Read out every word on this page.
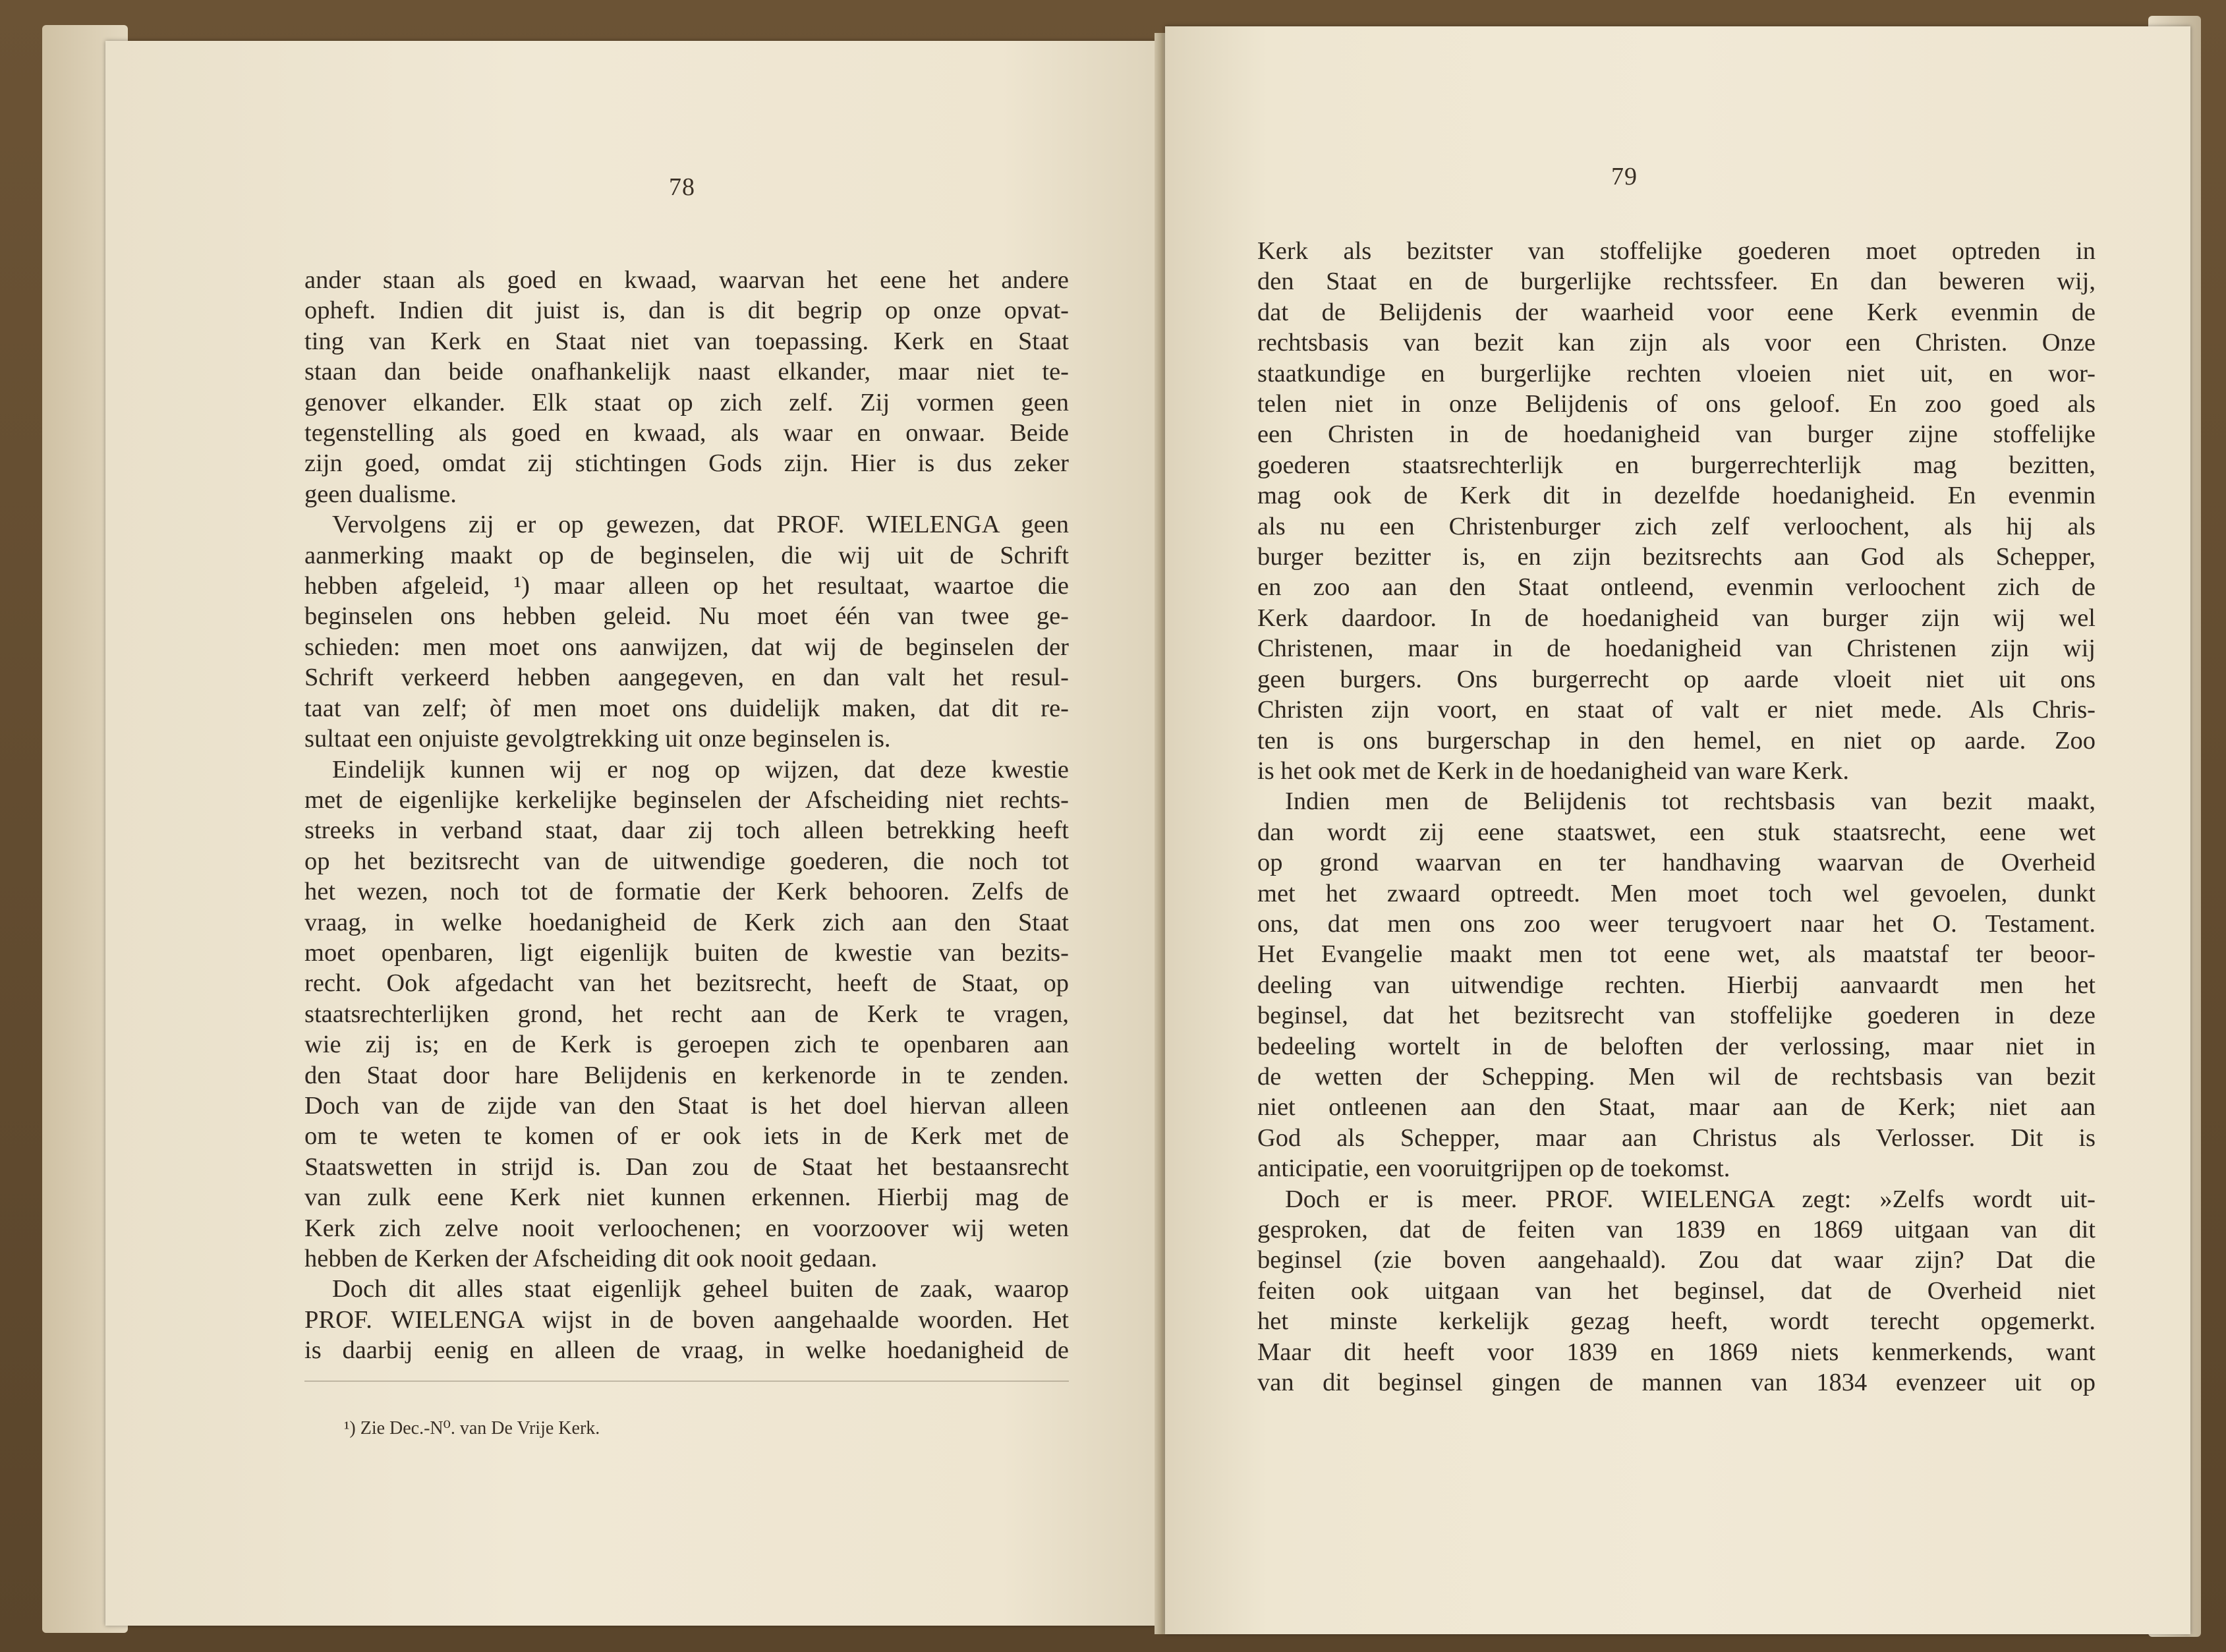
78
ander staan als goed en kwaad, waarvan het eene het andere
opheft. Indien dit juist is, dan is dit begrip op onze opvat-
ting van Kerk en Staat niet van toepassing. Kerk en Staat
staan dan beide onafhankelijk naast elkander, maar niet te-
genover elkander. Elk staat op zich zelf. Zij vormen geen
tegenstelling als goed en kwaad, als waar en onwaar. Beide
zijn goed, omdat zij stichtingen Gods zijn. Hier is dus zeker
geen dualisme.
Vervolgens zij er op gewezen, dat PROF. WIELENGA geen
aanmerking maakt op de beginselen, die wij uit de Schrift
hebben afgeleid, ¹) maar alleen op het resultaat, waartoe die
beginselen ons hebben geleid. Nu moet één van twee ge-
schieden: men moet ons aanwijzen, dat wij de beginselen der
Schrift verkeerd hebben aangegeven, en dan valt het resul-
taat van zelf; òf men moet ons duidelijk maken, dat dit re-
sultaat een onjuiste gevolgtrekking uit onze beginselen is.
Eindelijk kunnen wij er nog op wijzen, dat deze kwestie
met de eigenlijke kerkelijke beginselen der Afscheiding niet rechts-
streeks in verband staat, daar zij toch alleen betrekking heeft
op het bezitsrecht van de uitwendige goederen, die noch tot
het wezen, noch tot de formatie der Kerk behooren. Zelfs de
vraag, in welke hoedanigheid de Kerk zich aan den Staat
moet openbaren, ligt eigenlijk buiten de kwestie van bezits-
recht. Ook afgedacht van het bezitsrecht, heeft de Staat, op
staatsrechterlijken grond, het recht aan de Kerk te vragen,
wie zij is; en de Kerk is geroepen zich te openbaren aan
den Staat door hare Belijdenis en kerkenorde in te zenden.
Doch van de zijde van den Staat is het doel hiervan alleen
om te weten te komen of er ook iets in de Kerk met de
Staatswetten in strijd is. Dan zou de Staat het bestaansrecht
van zulk eene Kerk niet kunnen erkennen. Hierbij mag de
Kerk zich zelve nooit verloochenen; en voorzoover wij weten
hebben de Kerken der Afscheiding dit ook nooit gedaan.
Doch dit alles staat eigenlijk geheel buiten de zaak, waarop
PROF. WIELENGA wijst in de boven aangehaalde woorden. Het
is daarbij eenig en alleen de vraag, in welke hoedanigheid de
¹) Zie Dec.-N⁰. van De Vrije Kerk.
79
Kerk als bezitster van stoffelijke goederen moet optreden in
den Staat en de burgerlijke rechtssfeer. En dan beweren wij,
dat de Belijdenis der waarheid voor eene Kerk evenmin de
rechtsbasis van bezit kan zijn als voor een Christen. Onze
staatkundige en burgerlijke rechten vloeien niet uit, en wor-
telen niet in onze Belijdenis of ons geloof. En zoo goed als
een Christen in de hoedanigheid van burger zijne stoffelijke
goederen staatsrechterlijk en burgerrechterlijk mag bezitten,
mag ook de Kerk dit in dezelfde hoedanigheid. En evenmin
als nu een Christenburger zich zelf verloochent, als hij als
burger bezitter is, en zijn bezitsrechts aan God als Schepper,
en zoo aan den Staat ontleend, evenmin verloochent zich de
Kerk daardoor. In de hoedanigheid van burger zijn wij wel
Christenen, maar in de hoedanigheid van Christenen zijn wij
geen burgers. Ons burgerrecht op aarde vloeit niet uit ons
Christen zijn voort, en staat of valt er niet mede. Als Chris-
ten is ons burgerschap in den hemel, en niet op aarde. Zoo
is het ook met de Kerk in de hoedanigheid van ware Kerk.
Indien men de Belijdenis tot rechtsbasis van bezit maakt,
dan wordt zij eene staatswet, een stuk staatsrecht, eene wet
op grond waarvan en ter handhaving waarvan de Overheid
met het zwaard optreedt. Men moet toch wel gevoelen, dunkt
ons, dat men ons zoo weer terugvoert naar het O. Testament.
Het Evangelie maakt men tot eene wet, als maatstaf ter beoor-
deeling van uitwendige rechten. Hierbij aanvaardt men het
beginsel, dat het bezitsrecht van stoffelijke goederen in deze
bedeeling wortelt in de beloften der verlossing, maar niet in
de wetten der Schepping. Men wil de rechtsbasis van bezit
niet ontleenen aan den Staat, maar aan de Kerk; niet aan
God als Schepper, maar aan Christus als Verlosser. Dit is
anticipatie, een vooruitgrijpen op de toekomst.
Doch er is meer. PROF. WIELENGA zegt: »Zelfs wordt uit-
gesproken, dat de feiten van 1839 en 1869 uitgaan van dit
beginsel (zie boven aangehaald). Zou dat waar zijn? Dat die
feiten ook uitgaan van het beginsel, dat de Overheid niet
het minste kerkelijk gezag heeft, wordt terecht opgemerkt.
Maar dit heeft voor 1839 en 1869 niets kenmerkends, want
van dit beginsel gingen de mannen van 1834 evenzeer uit op
